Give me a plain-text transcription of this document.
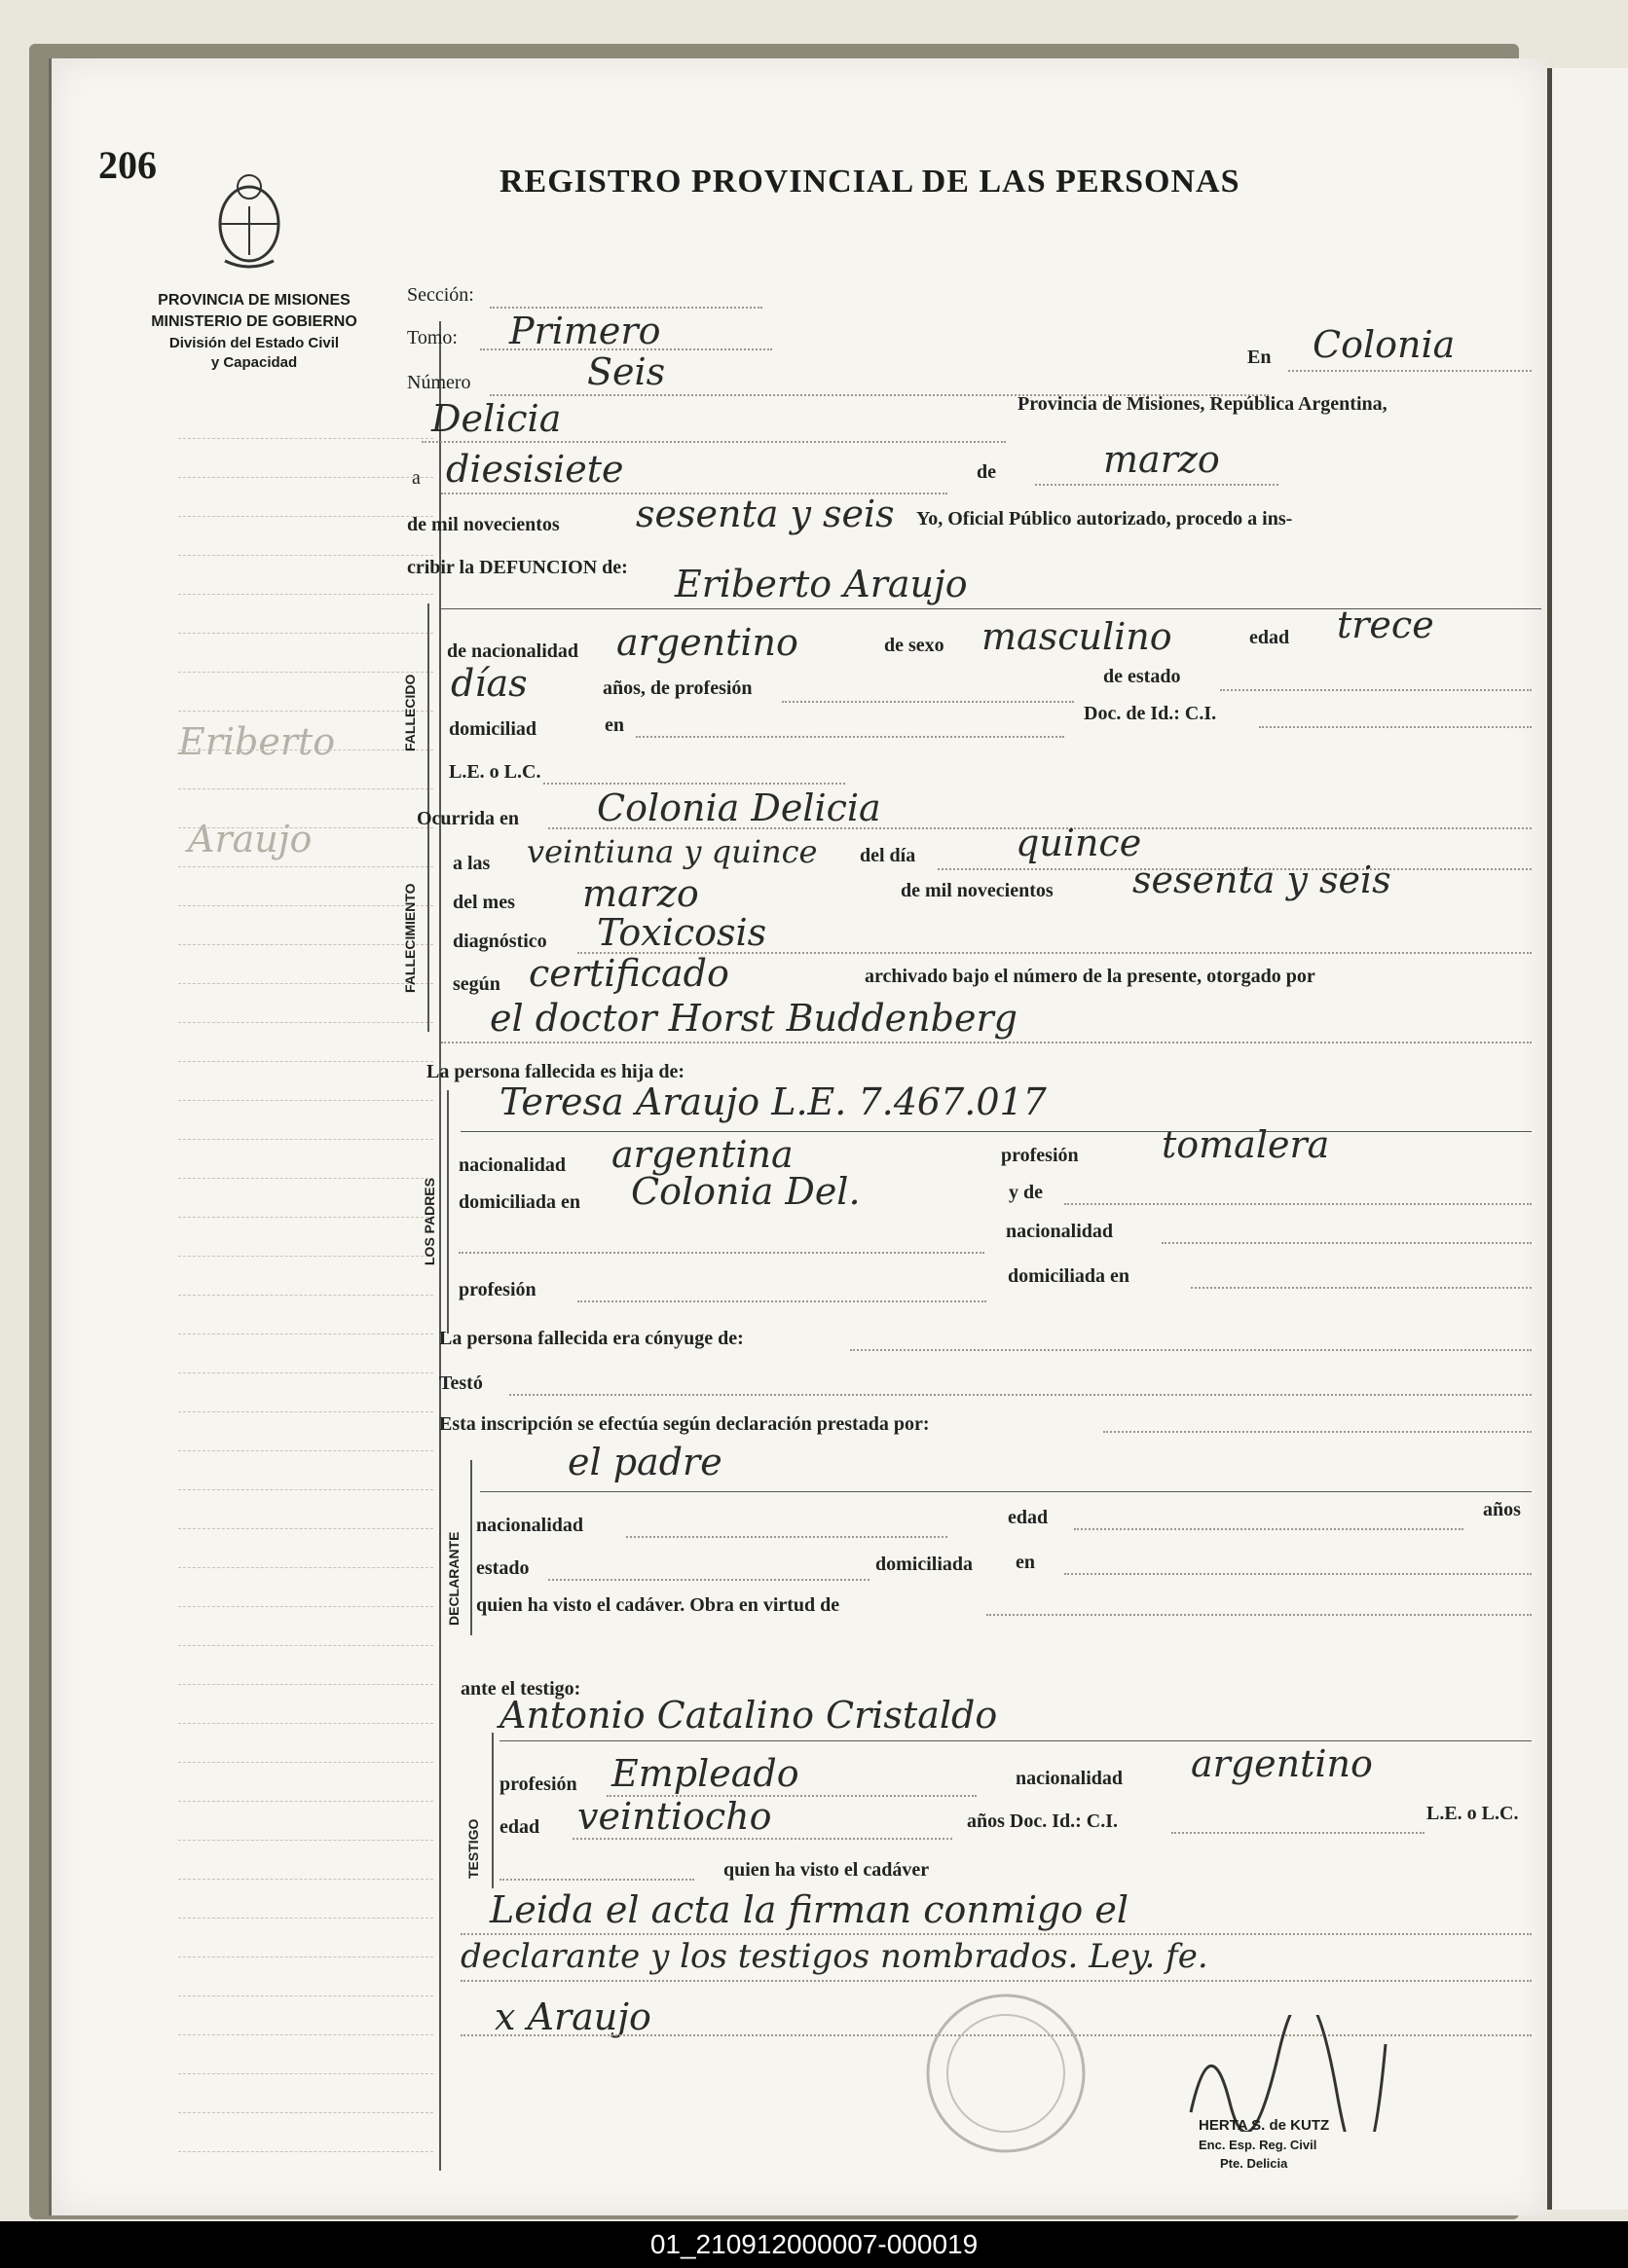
206	REGISTRO PROVINCIAL DE LAS PERSONAS
PROVINCIA DE MISIONES
MINISTERIO DE GOBIERNO
División del Estado Civil
y Capacidad
Eriberto
Araujo
Sección:
Tomo: Primero
Número	Seis	En Colonia
Delicia	Provincia de Misiones, República Argentina,
a diesisiete	de	marzo
de mil novecientos sesenta y seis Yo, Oficial Público autorizado, procedo a ins-
cribir la DEFUNCION de:
FALLECIDO
Eriberto Araujo
de nacionalidad argentino	de sexo masculino	edad trece
días	años, de profesión
de estado
domiciliad	en
Doc. de Id.: C.I.
L.E. o L.C.
Ocurrida en Colonia Delicia
FALLECIMIENTO
a las veintiuna y quince del día	quince
del mes marzo	de mil novecientos sesenta y seis
diagnóstico Toxicosis
según certificado	archivado bajo el número de la presente, otorgado por
el doctor Horst Buddenberg
La persona fallecida es hija de:
LOS PADRES
Teresa Araujo L.E. 7.467.017
nacionalidad argentina	profesión tomalera
domiciliada en Colonia Del.	y de
nacionalidad
profesión
domiciliada en
La persona fallecida era cónyuge de:
Testó
Esta inscripción se efectúa según declaración prestada por:
DECLARANTE
el padre
nacionalidad	edad	años
estado	domiciliada en
quien ha visto el cadáver. Obra en virtud de
ante el testigo:
TESTIGO
Antonio Catalino Cristaldo
profesión Empleado	nacionalidad argentino
edad veintiocho	años Doc. Id.: C.I.	L.E. o L.C.
quien ha visto el cadáver
Leida el acta la firman conmigo el
declarante y los testigos nombrados. Ley. fe.
x Araujo
HERTA S. de KUTZ
Enc. Esp. Reg. Civil
Pte. Delicia
01_210912000007-000019
